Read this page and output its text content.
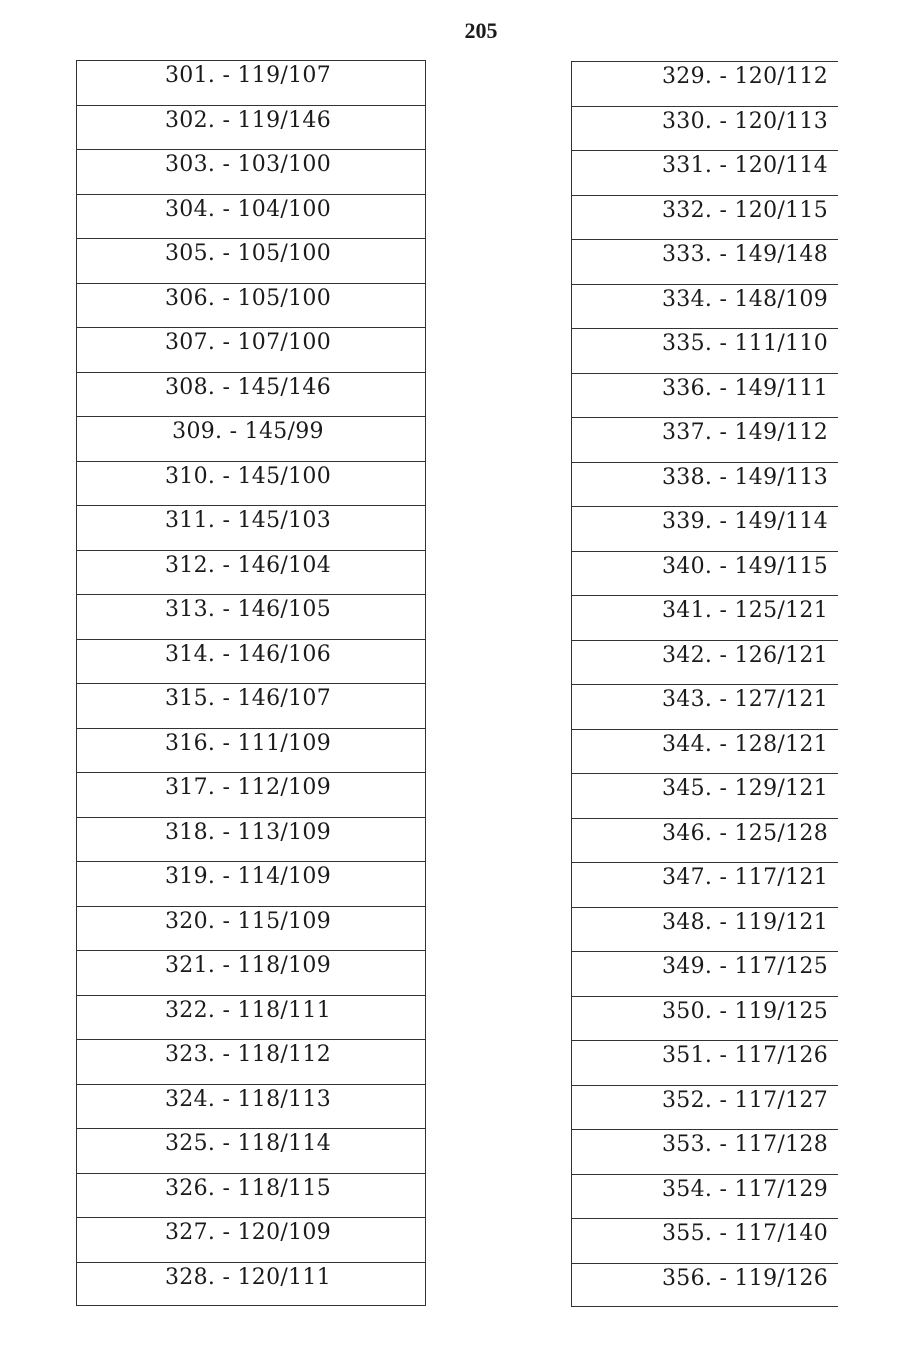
205
301. - 119/107
302. - 119/146
303. - 103/100
304. - 104/100
305. - 105/100
306. - 105/100
307. - 107/100
308. - 145/146
309. - 145/99
310. - 145/100
311. - 145/103
312. - 146/104
313. - 146/105
314. - 146/106
315. - 146/107
316. - 111/109
317. - 112/109
318. - 113/109
319. - 114/109
320. - 115/109
321. - 118/109
322. - 118/111
323. - 118/112
324. - 118/113
325. - 118/114
326. - 118/115
327. - 120/109
328. - 120/111
329. - 120/112
330. - 120/113
331. - 120/114
332. - 120/115
333. - 149/148
334. - 148/109
335. - 111/110
336. - 149/111
337. - 149/112
338. - 149/113
339. - 149/114
340. - 149/115
341. - 125/121
342. - 126/121
343. - 127/121
344. - 128/121
345. - 129/121
346. - 125/128
347. - 117/121
348. - 119/121
349. - 117/125
350. - 119/125
351. - 117/126
352. - 117/127
353. - 117/128
354. - 117/129
355. - 117/140
356. - 119/126
